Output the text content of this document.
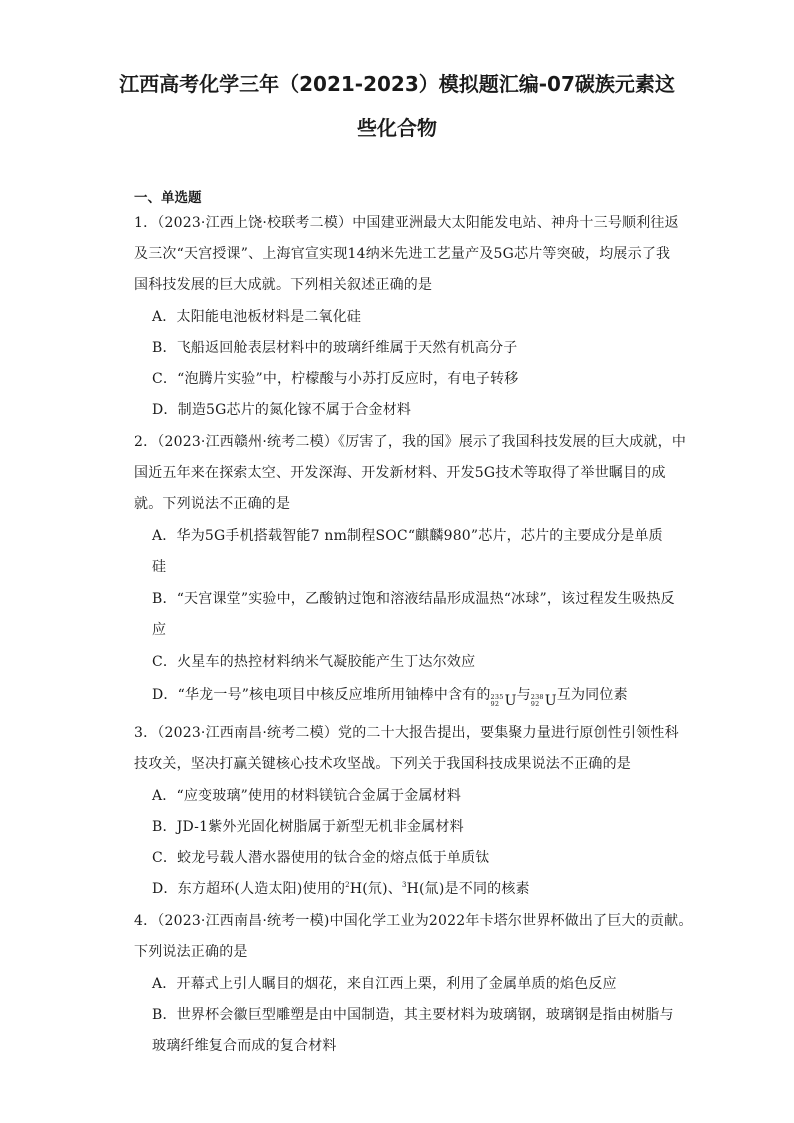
江西高考化学三年（2021-2023）模拟题汇编-07碳族元素这
些化合物
一、单选题
1．（2023·江西上饶·校联考二模）中国建亚洲最大太阳能发电站、神舟十三号顺利往返
及三次“天宫授课”、上海官宣实现14纳米先进工艺量产及5G芯片等突破，均展示了我
国科技发展的巨大成就。下列相关叙述正确的是
A．太阳能电池板材料是二氧化硅
B．飞船返回舱表层材料中的玻璃纤维属于天然有机高分子
C．“泡腾片实验”中，柠檬酸与小苏打反应时，有电子转移
D．制造5G芯片的氮化镓不属于合金材料
2．（2023·江西赣州·统考二模）《厉害了，我的国》展示了我国科技发展的巨大成就，中
国近五年来在探索太空、开发深海、开发新材料、开发5G技术等取得了举世瞩目的成
就。下列说法不正确的是
A．华为5G手机搭载智能7 nm制程SOC“麒麟980”芯片，芯片的主要成分是单质
硅
B．“天宫课堂”实验中，乙酸钠过饱和溶液结晶形成温热“冰球”，该过程发生吸热反
应
C．火星车的热控材料纳米气凝胶能产生丁达尔效应
D．“华龙一号”核电项目中核反应堆所用铀棒中含有的 235
92 U 与 238
92 U 互为同位素
3．（2023·江西南昌·统考二模）党的二十大报告提出，要集聚力量进行原创性引领性科
技攻关，坚决打赢关键核心技术攻坚战。下列关于我国科技成果说法不正确的是
A．“应变玻璃”使用的材料镁钪合金属于金属材料
B．JD-1紫外光固化树脂属于新型无机非金属材料
C．蛟龙号载人潜水器使用的钛合金的熔点低于单质钛
D．东方超环(人造太阳)使用的$^2$H(氘)、$^3$H(氚)是不同的核素
4．（2023·江西南昌·统考一模)中国化学工业为2022年卡塔尔世界杯做出了巨大的贡献。
下列说法正确的是
A．开幕式上引人瞩目的烟花，来自江西上栗，利用了金属单质的焰色反应
B．世界杯会徽巨型雕塑是由中国制造，其主要材料为玻璃钢，玻璃钢是指由树脂与
玻璃纤维复合而成的复合材料
